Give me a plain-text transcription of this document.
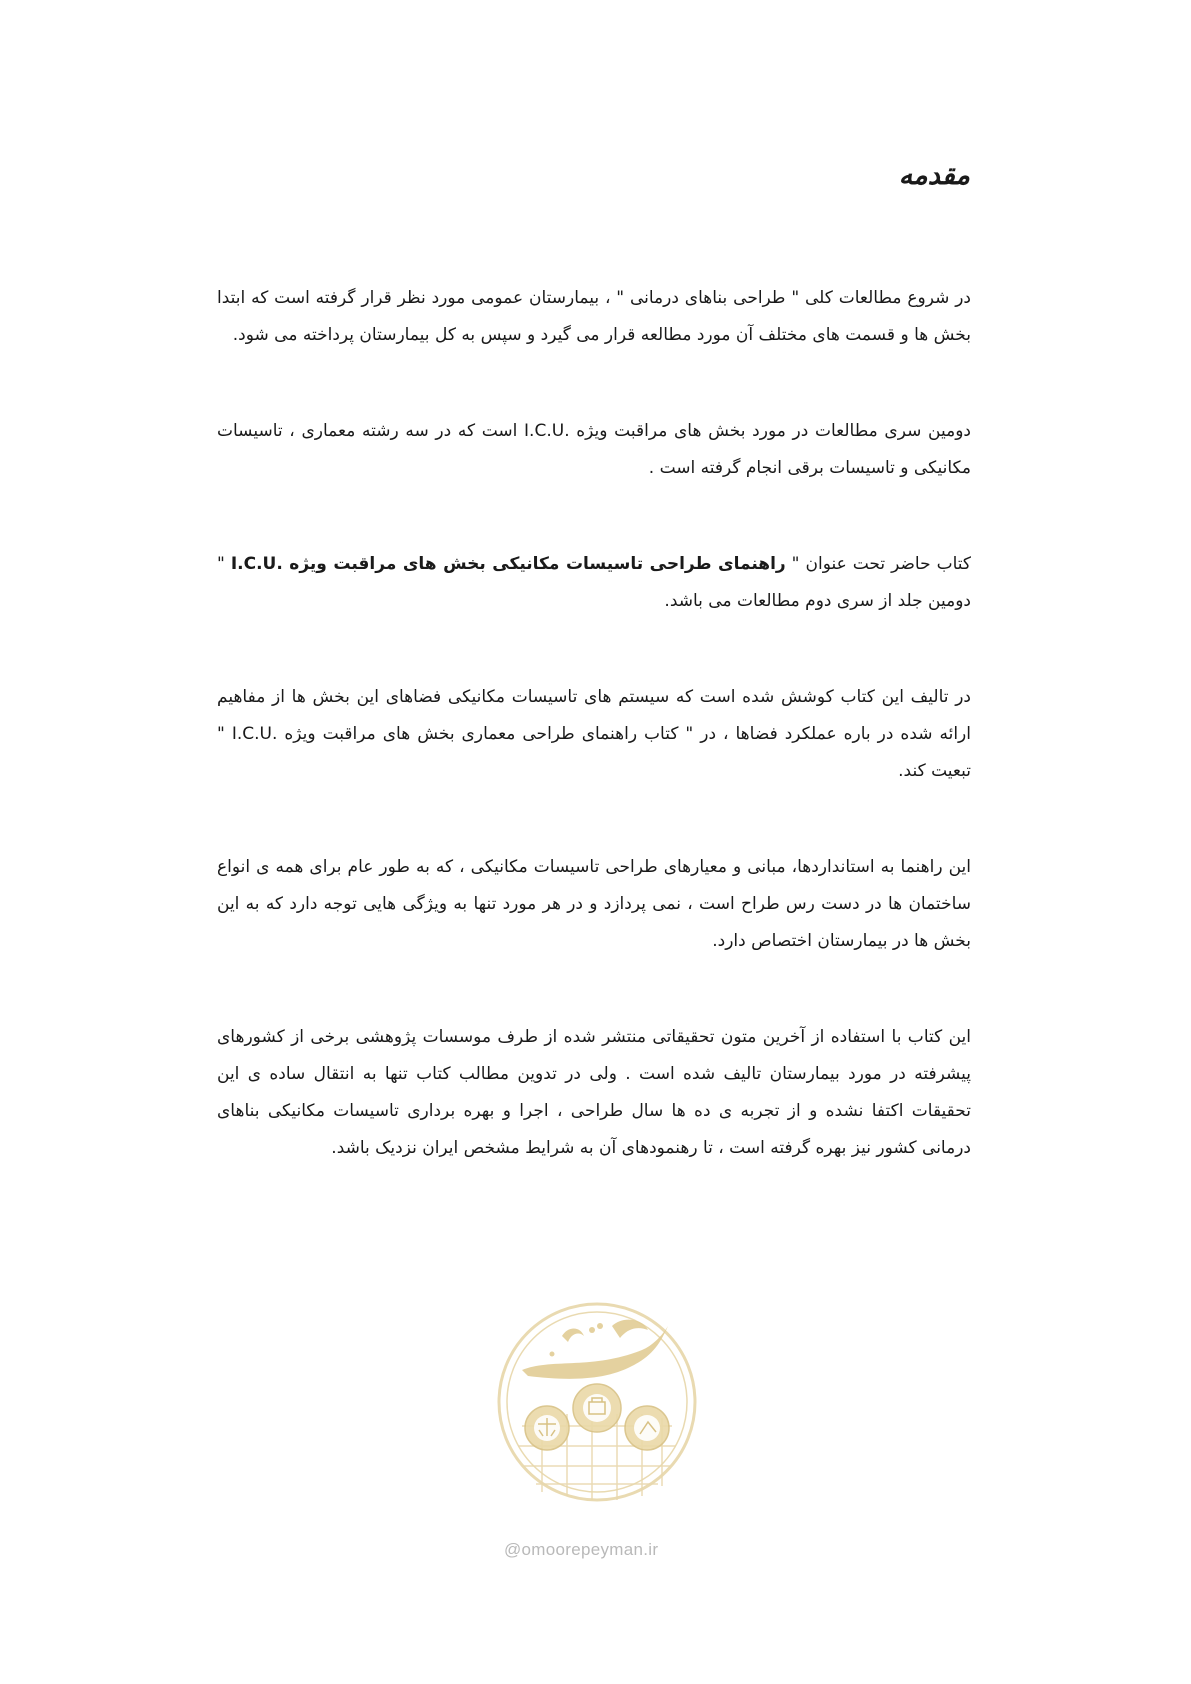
مقدمه

در شروع مطالعات کلی " طراحی بناهای درمانی " ، بیمارستان عمومی مورد نظر قرار گرفته است که ابتدا بخش ها و قسمت های مختلف آن مورد مطالعه قرار می گیرد و سپس به کل بیمارستان پرداخته می شود.

دومین سری مطالعات در مورد بخش های مراقبت ویژه .I.C.U است که در سه رشته معماری ، تاسیسات مکانیکی و تاسیسات برقی انجام گرفته است .

کتاب حاضر تحت عنوان " راهنمای طراحی تاسیسات مکانیکی بخش های مراقبت ویژه .I.C.U " دومین جلد از سری دوم مطالعات می باشد.

در تالیف این کتاب کوشش شده است که سیستم های تاسیسات مکانیکی فضاهای این بخش ها از مفاهیم ارائه شده در باره عملکرد فضاها ، در " کتاب راهنمای طراحی معماری بخش های مراقبت ویژه .I.C.U " تبعیت کند.

این راهنما به استانداردها، مبانی و معیارهای طراحی تاسیسات مکانیکی ، که به طور عام برای همه ی انواع ساختمان ها در دست رس طراح است ، نمی پردازد و در هر مورد تنها به ویژگی هایی توجه دارد که به این بخش ها در بیمارستان اختصاص دارد.

این کتاب با استفاده از آخرین متون تحقیقاتی منتشر شده از طرف موسسات پژوهشی برخی از کشورهای پیشرفته در مورد بیمارستان تالیف شده است . ولی در تدوین مطالب کتاب تنها به انتقال ساده ی این تحقیقات اکتفا نشده و از تجربه ی ده ها سال طراحی ، اجرا و بهره برداری تاسیسات مکانیکی بناهای درمانی کشور نیز بهره گرفته است ، تا رهنمودهای آن به شرایط مشخص ایران نزدیک باشد.

@omoorepeyman.ir
